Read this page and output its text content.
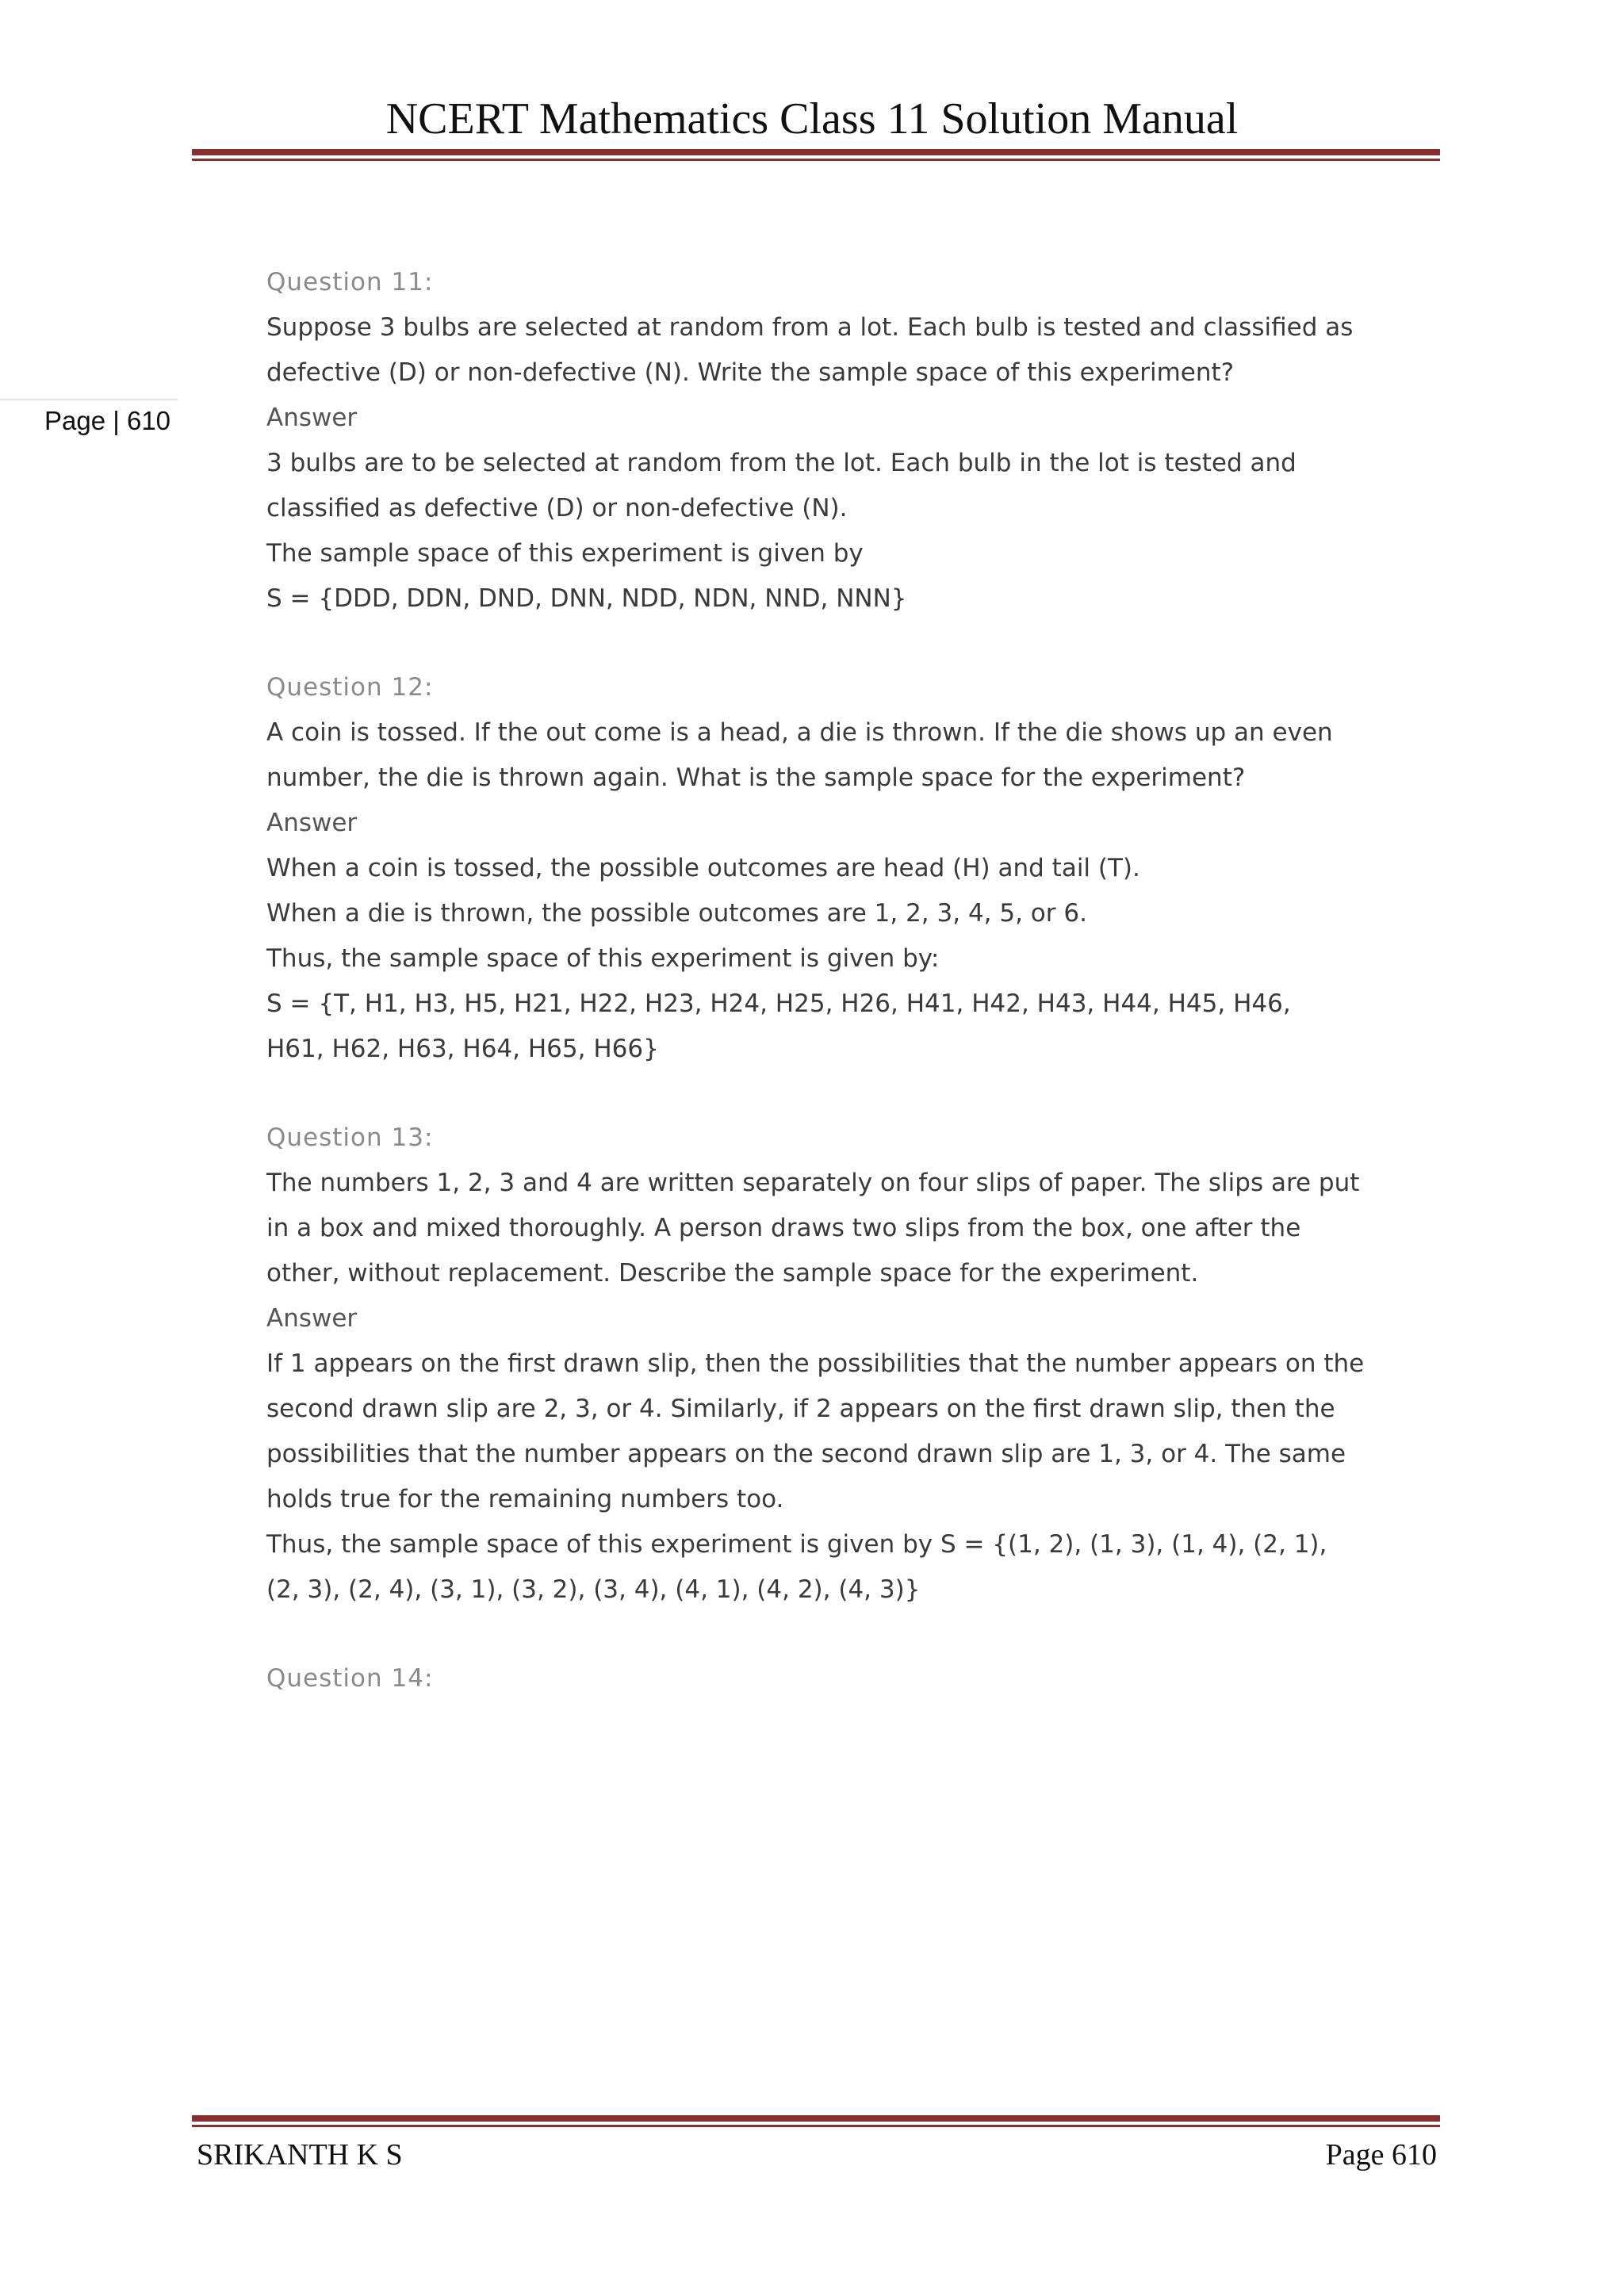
NCERT Mathematics Class 11 Solution Manual
Page | 610
Question 11:
Suppose 3 bulbs are selected at random from a lot. Each bulb is tested and classified as
defective (D) or non-defective (N). Write the sample space of this experiment?
Answer
3 bulbs are to be selected at random from the lot. Each bulb in the lot is tested and
classified as defective (D) or non-defective (N).
The sample space of this experiment is given by
S = {DDD, DDN, DND, DNN, NDD, NDN, NND, NNN}
Question 12:
A coin is tossed. If the out come is a head, a die is thrown. If the die shows up an even
number, the die is thrown again. What is the sample space for the experiment?
Answer
When a coin is tossed, the possible outcomes are head (H) and tail (T).
When a die is thrown, the possible outcomes are 1, 2, 3, 4, 5, or 6.
Thus, the sample space of this experiment is given by:
S = {T, H1, H3, H5, H21, H22, H23, H24, H25, H26, H41, H42, H43, H44, H45, H46,
H61, H62, H63, H64, H65, H66}
Question 13:
The numbers 1, 2, 3 and 4 are written separately on four slips of paper. The slips are put
in a box and mixed thoroughly. A person draws two slips from the box, one after the
other, without replacement. Describe the sample space for the experiment.
Answer
If 1 appears on the first drawn slip, then the possibilities that the number appears on the
second drawn slip are 2, 3, or 4. Similarly, if 2 appears on the first drawn slip, then the
possibilities that the number appears on the second drawn slip are 1, 3, or 4. The same
holds true for the remaining numbers too.
Thus, the sample space of this experiment is given by S = {(1, 2), (1, 3), (1, 4), (2, 1),
(2, 3), (2, 4), (3, 1), (3, 2), (3, 4), (4, 1), (4, 2), (4, 3)}
Question 14:
SRIKANTH K S	Page 610
